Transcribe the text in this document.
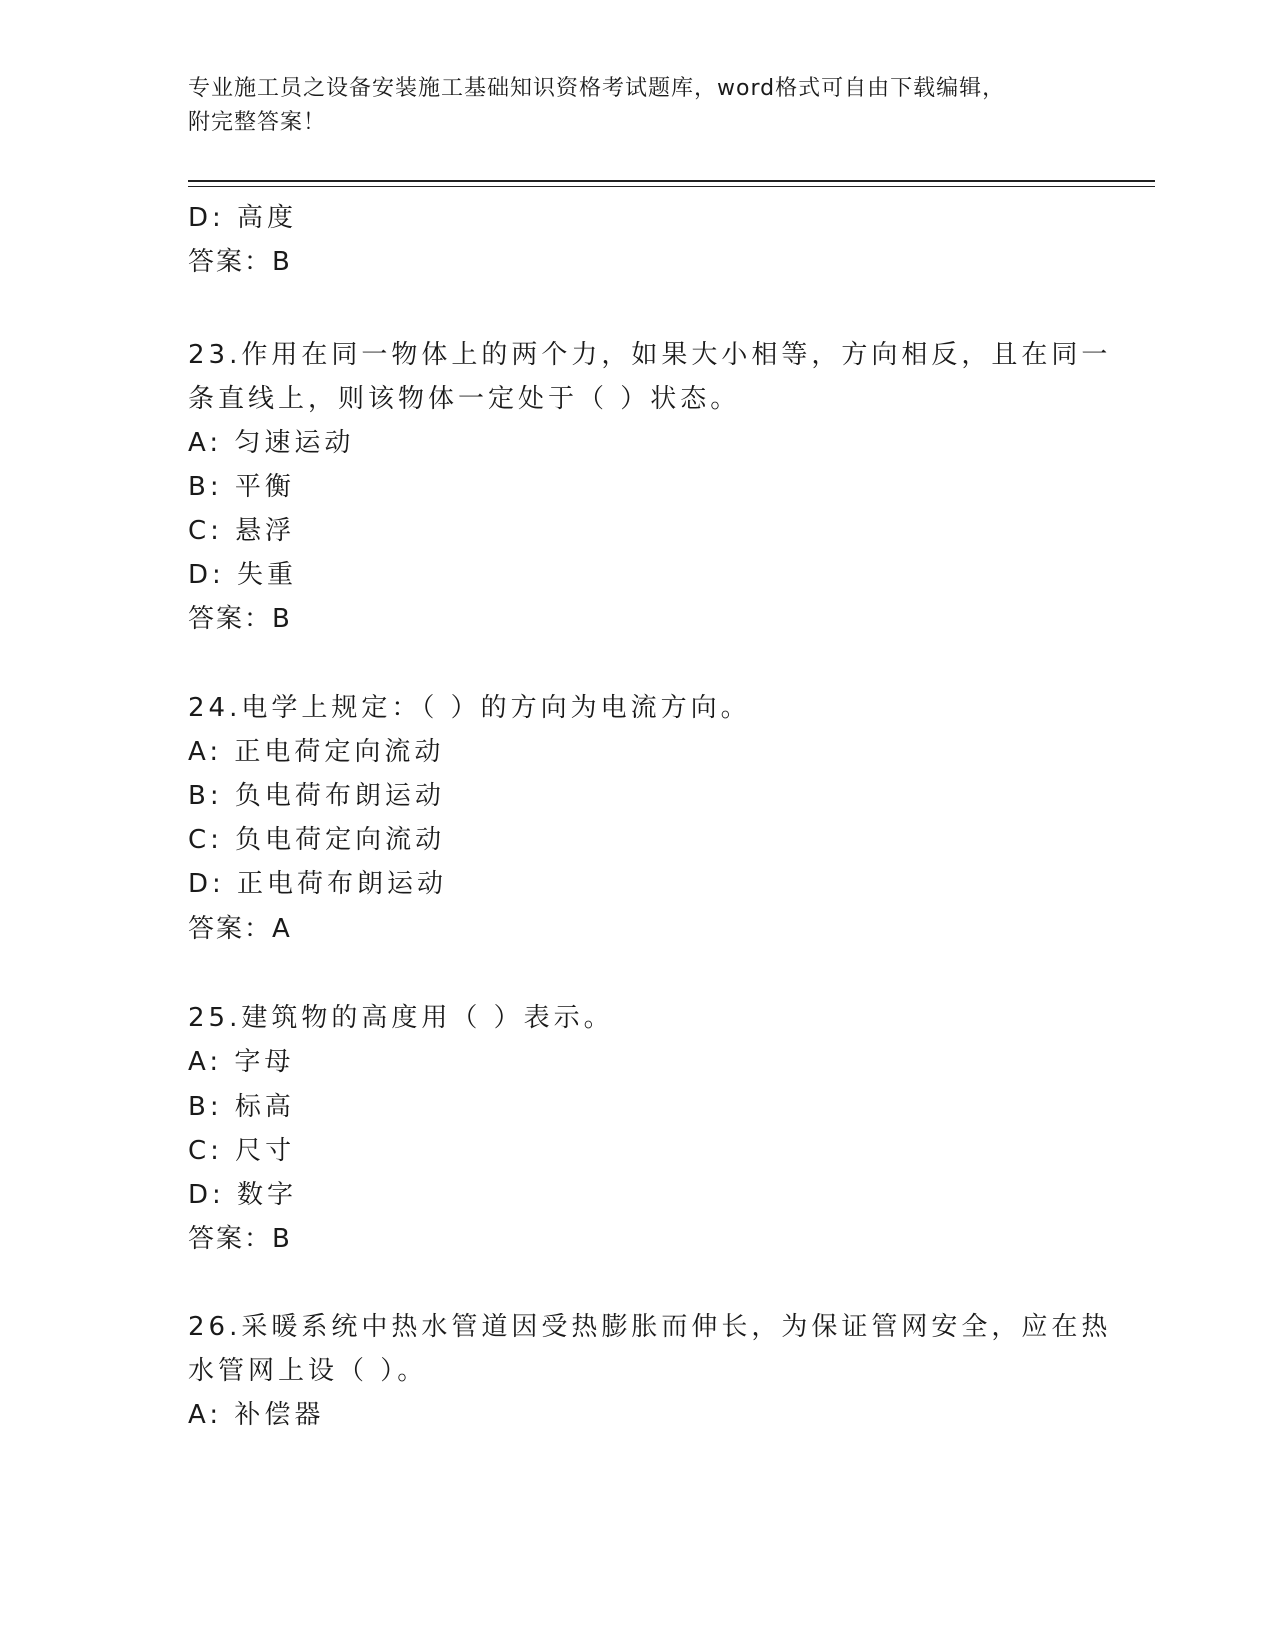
专业施工员之设备安装施工基础知识资格考试题库，word格式可自由下载编辑，
附完整答案！
D: 高度
答案：B
23.作用在同一物体上的两个力，如果大小相等，方向相反，且在同一
条直线上，则该物体一定处于（ ）状态。
A: 匀速运动
B: 平衡
C: 悬浮
D: 失重
答案：B
24.电学上规定：（ ）的方向为电流方向。
A: 正电荷定向流动
B: 负电荷布朗运动
C: 负电荷定向流动
D: 正电荷布朗运动
答案：A
25.建筑物的高度用（ ）表示。
A: 字母
B: 标高
C: 尺寸
D: 数字
答案：B
26.采暖系统中热水管道因受热膨胀而伸长，为保证管网安全，应在热
水管网上设（ ）。
A: 补偿器
